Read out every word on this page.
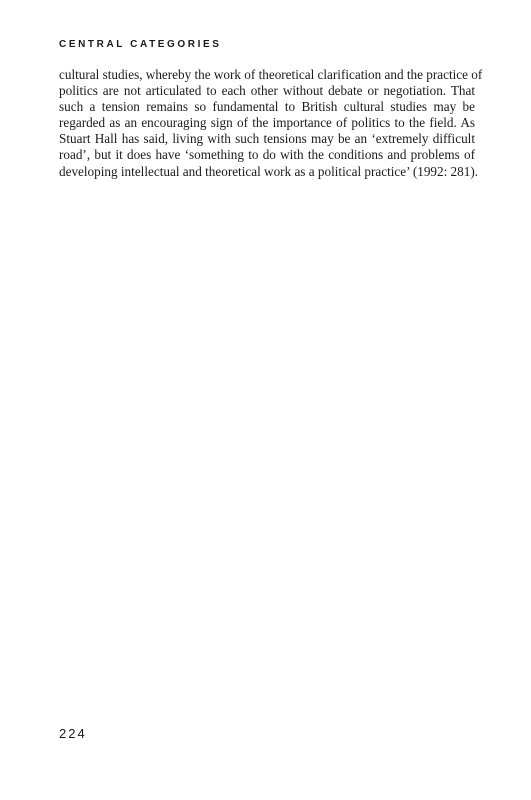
CENTRAL CATEGORIES
cultural studies, whereby the work of theoretical clarification and the practice of
politics are not articulated to each other without debate or negotiation. That
such a tension remains so fundamental to British cultural studies may be
regarded as an encouraging sign of the importance of politics to the field. As
Stuart Hall has said, living with such tensions may be an ‘extremely difficult
road’, but it does have ‘something to do with the conditions and problems of
developing intellectual and theoretical work as a political practice’ (1992: 281).
224
